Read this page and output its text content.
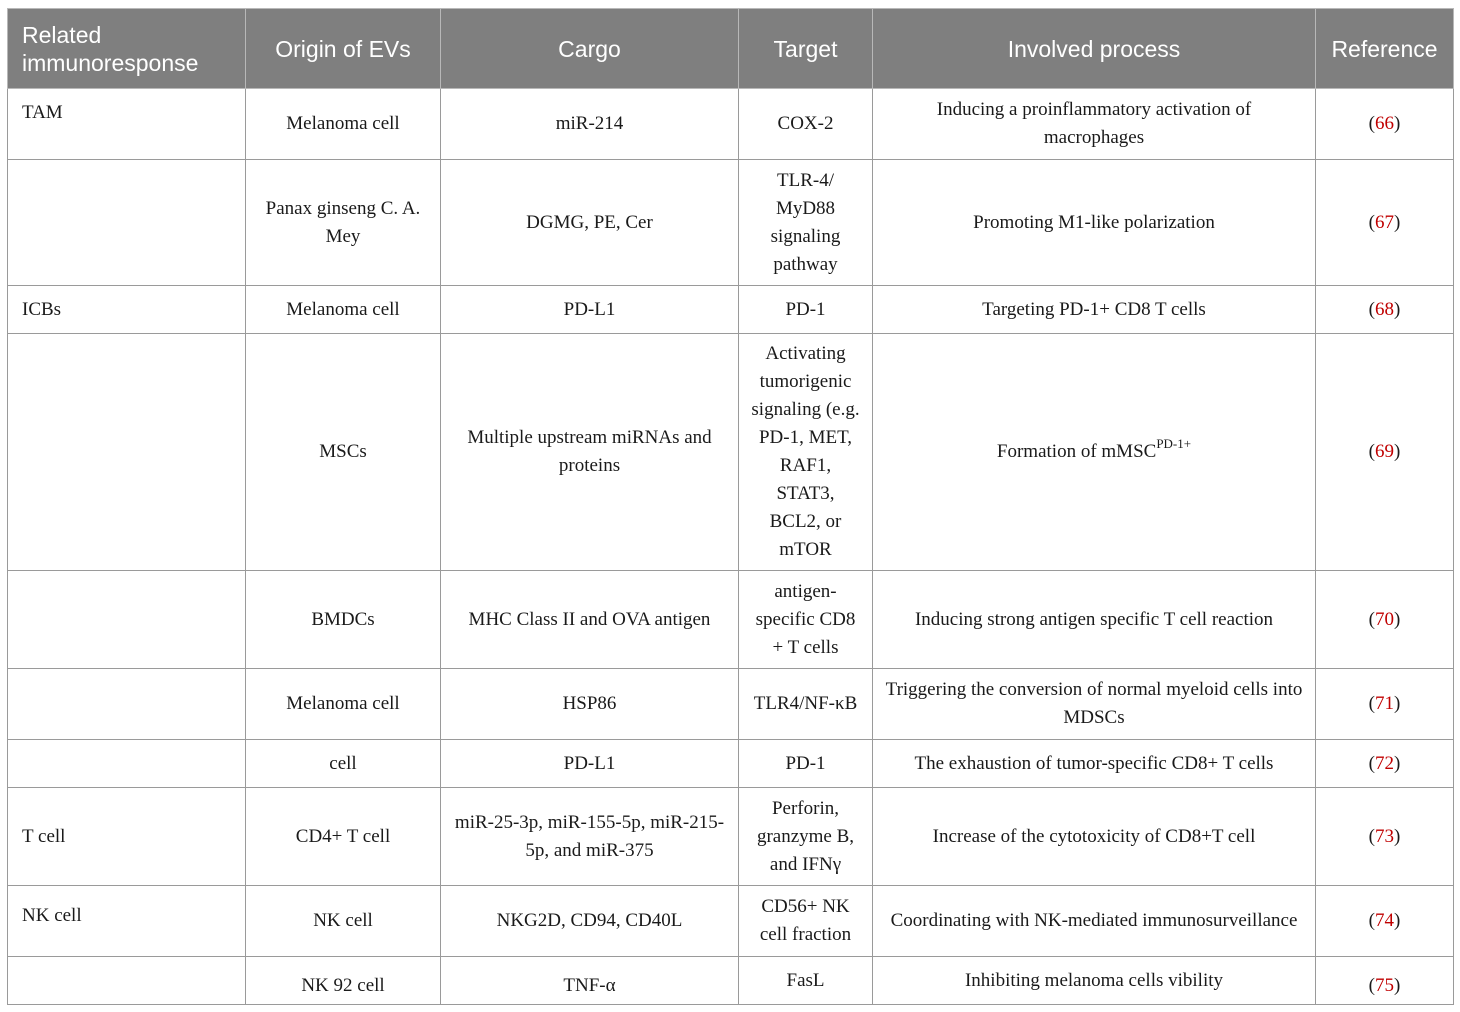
Related immunoresponse	Origin of EVs	Cargo	Target	Involved process	Reference
TAM	Melanoma cell	miR-214	COX-2	Inducing a proinflammatory activation of macrophages	(66)
	Panax ginseng C. A. Mey	DGMG, PE, Cer	TLR-4/ MyD88 signaling pathway	Promoting M1-like polarization	(67)
ICBs	Melanoma cell	PD-L1	PD-1	Targeting PD-1+ CD8 T cells	(68)
	MSCs	Multiple upstream miRNAs and proteins	Activating tumorigenic signaling (e.g. PD-1, MET, RAF1, STAT3, BCL2, or mTOR	Formation of mMSC$^{PD-1+}$	(69)
	BMDCs	MHC Class II and OVA antigen	antigen-specific CD8 + T cells	Inducing strong antigen specific T cell reaction	(70)
	Melanoma cell	HSP86	TLR4/NF-κB	Triggering the conversion of normal myeloid cells into MDSCs	(71)
	cell	PD-L1	PD-1	The exhaustion of tumor-specific CD8+ T cells	(72)
T cell	CD4+ T cell	miR-25-3p, miR-155-5p, miR-215-5p, and miR-375	Perforin, granzyme B, and IFNγ	Increase of the cytotoxicity of CD8+T cell	(73)
NK cell	NK cell	NKG2D, CD94, CD40L	CD56+ NK cell fraction	Coordinating with NK-mediated immunosurveillance	(74)
	NK 92 cell	TNF-α	FasL	Inhibiting melanoma cells vibility	(75)
